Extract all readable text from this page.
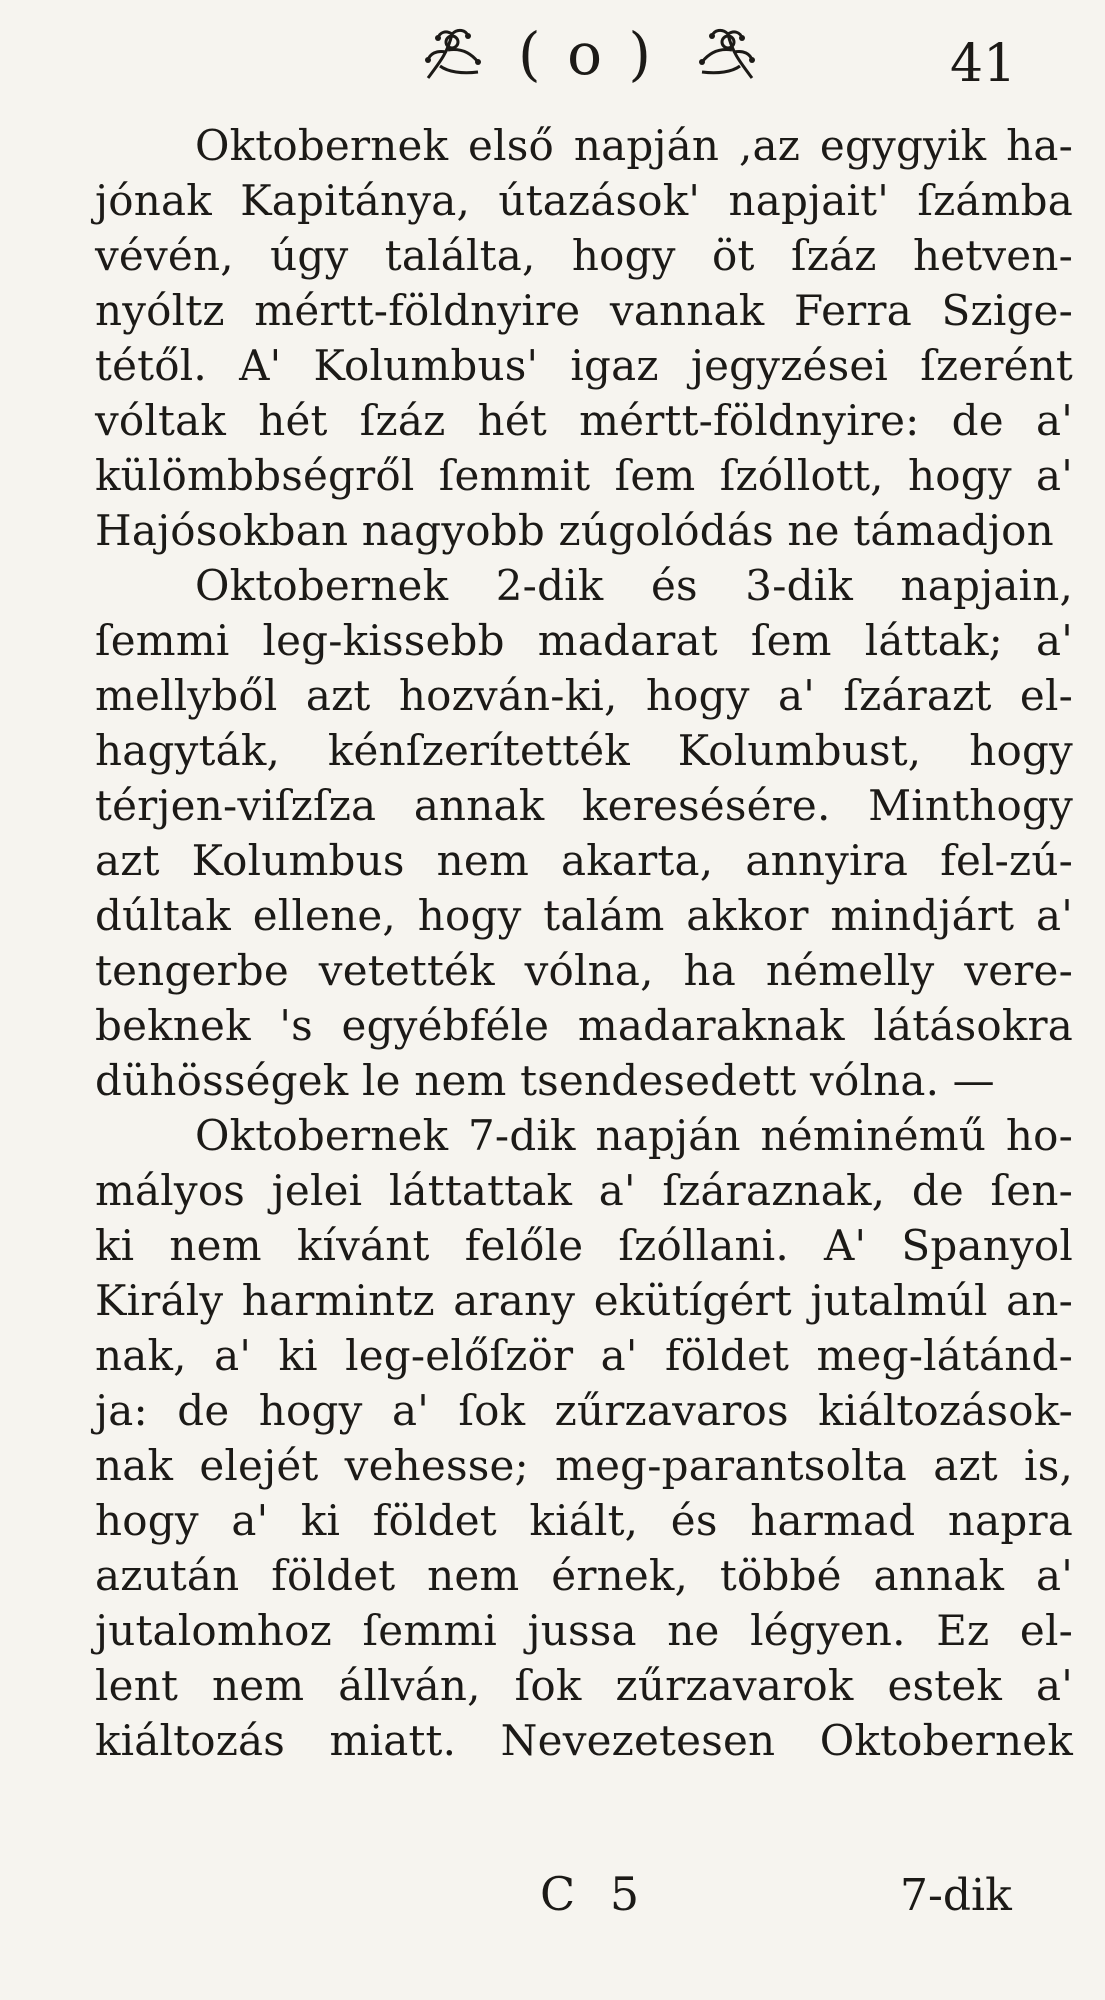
( o )	41
Oktobernek első napján ,az egygyik ha-
jónak Kapitánya, útazások' napjait' ſzámba
vévén, úgy találta, hogy öt ſzáz hetven-
nyóltz mértt-földnyire vannak Ferra Szige-
tétől. A' Kolumbus' igaz jegyzései ſzerént
vóltak hét ſzáz hét mértt-földnyire: de a'
külömbbségről ſemmit ſem ſzóllott, hogy a'
Hajósokban nagyobb zúgolódás ne támadjon
Oktobernek 2-dik és 3-dik napjain,
ſemmi leg-kissebb madarat ſem láttak; a'
mellyből azt hozván-ki, hogy a' ſzárazt el-
hagyták, kénſzerítették Kolumbust, hogy
térjen-viſzſza annak keresésére. Minthogy
azt Kolumbus nem akarta, annyira fel-zú-
dúltak ellene, hogy talám akkor mindjárt a'
tengerbe vetették vólna, ha némelly vere-
beknek 's egyébféle madaraknak látásokra
dühösségek le nem tsendesedett vólna. —
Oktobernek 7-dik napján néminémű ho-
mályos jelei láttattak a' ſzáraznak, de ſen-
ki nem kívánt felőle ſzóllani. A' Spanyol
Király harmintz arany ekütígért jutalmúl an-
nak, a' ki leg-előſzör a' földet meg-látánd-
ja: de hogy a' ſok zűrzavaros kiáltozások-
nak elejét vehesse; meg-parantsolta azt is,
hogy a' ki földet kiált, és harmad napra
azután földet nem érnek, többé annak a'
jutalomhoz ſemmi jussa ne légyen. Ez el-
lent nem állván, ſok zűrzavarok estek a'
kiáltozás miatt. Nevezetesen Oktobernek
C 5	7-dik
